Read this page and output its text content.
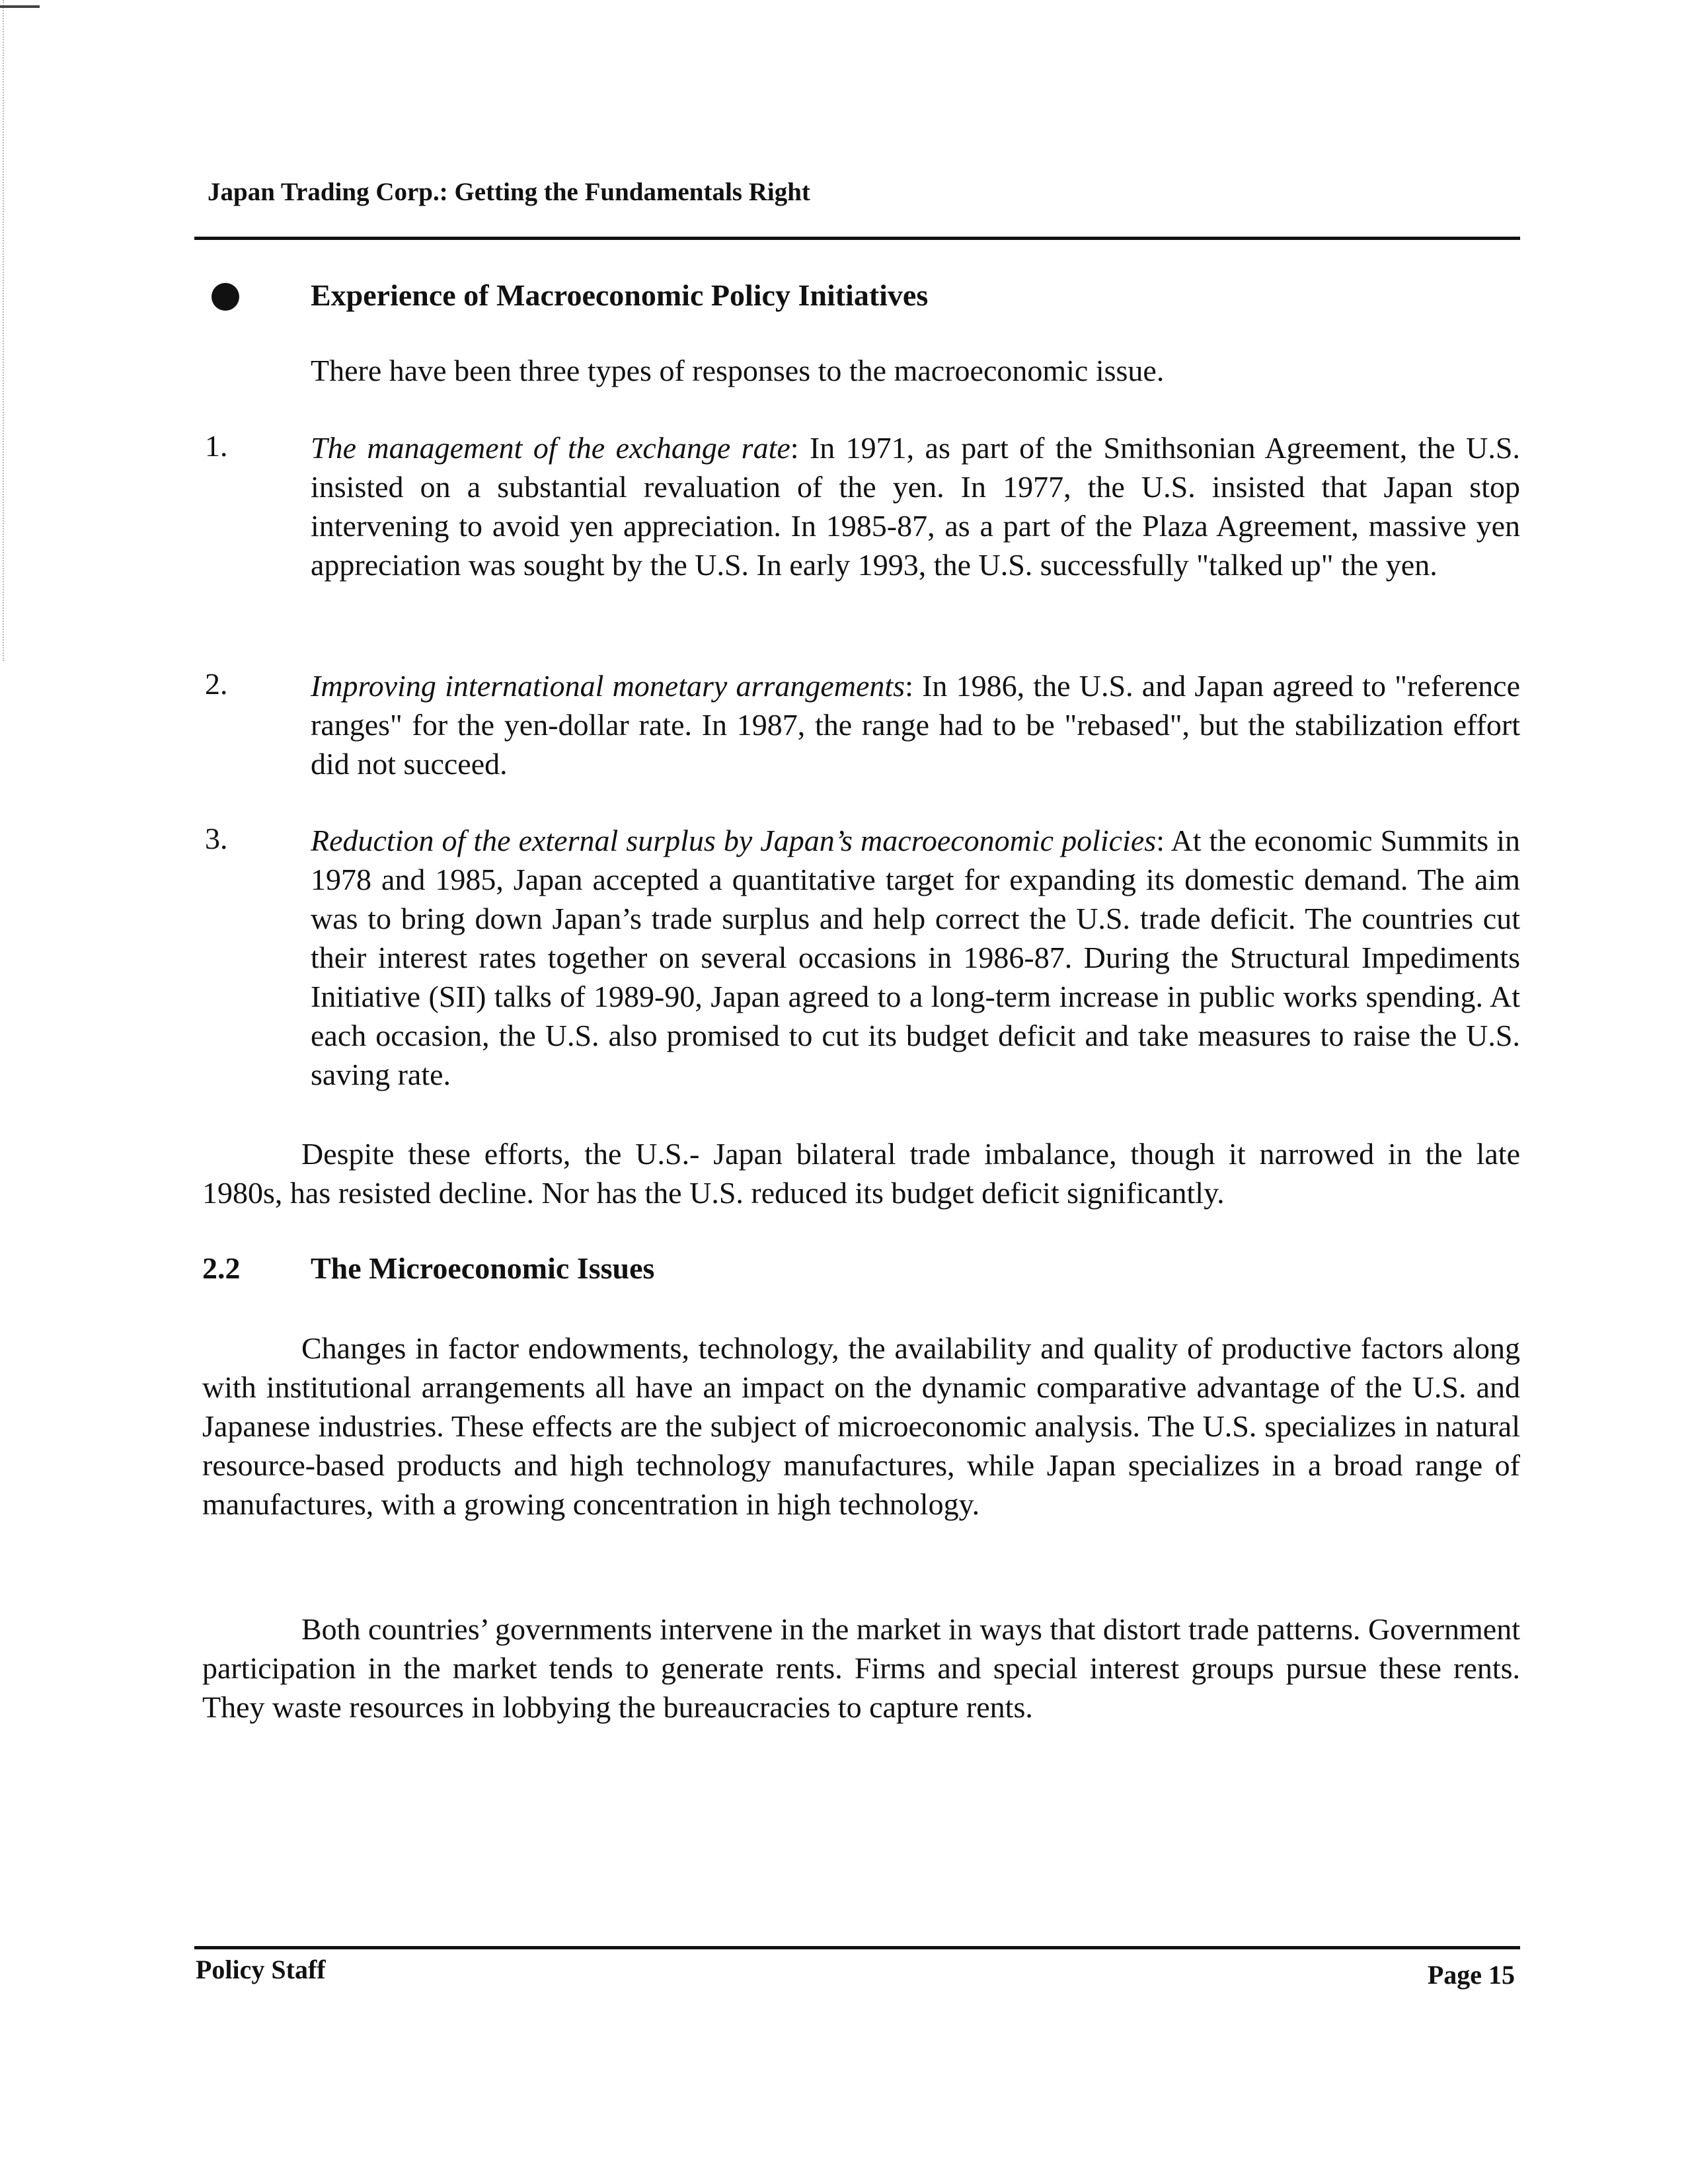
Japan Trading Corp.: Getting the Fundamentals Right
Experience of Macroeconomic Policy Initiatives
There have been three types of responses to the macroeconomic issue.
1.	The management of the exchange rate: In 1971, as part of the Smithsonian Agreement, the U.S. insisted on a substantial revaluation of the yen. In 1977, the U.S. insisted that Japan stop intervening to avoid yen appreciation. In 1985-87, as a part of the Plaza Agreement, massive yen appreciation was sought by the U.S. In early 1993, the U.S. successfully "talked up" the yen.
2.	Improving international monetary arrangements: In 1986, the U.S. and Japan agreed to "reference ranges" for the yen-dollar rate. In 1987, the range had to be "rebased", but the stabilization effort did not succeed.
3.	Reduction of the external surplus by Japan’s macroeconomic policies: At the economic Summits in 1978 and 1985, Japan accepted a quantitative target for expanding its domestic demand. The aim was to bring down Japan’s trade surplus and help correct the U.S. trade deficit. The countries cut their interest rates together on several occasions in 1986-87. During the Structural Impediments Initiative (SII) talks of 1989-90, Japan agreed to a long-term increase in public works spending. At each occasion, the U.S. also promised to cut its budget deficit and take measures to raise the U.S. saving rate.
Despite these efforts, the U.S.- Japan bilateral trade imbalance, though it narrowed in the late 1980s, has resisted decline. Nor has the U.S. reduced its budget deficit significantly.
2.2 The Microeconomic Issues
Changes in factor endowments, technology, the availability and quality of productive factors along with institutional arrangements all have an impact on the dynamic comparative advantage of the U.S. and Japanese industries. These effects are the subject of microeconomic analysis. The U.S. specializes in natural resource-based products and high technology manufactures, while Japan specializes in a broad range of manufactures, with a growing concentration in high technology.
Both countries’ governments intervene in the market in ways that distort trade patterns. Government participation in the market tends to generate rents. Firms and special interest groups pursue these rents. They waste resources in lobbying the bureaucracies to capture rents.
Policy Staff	Page 15
